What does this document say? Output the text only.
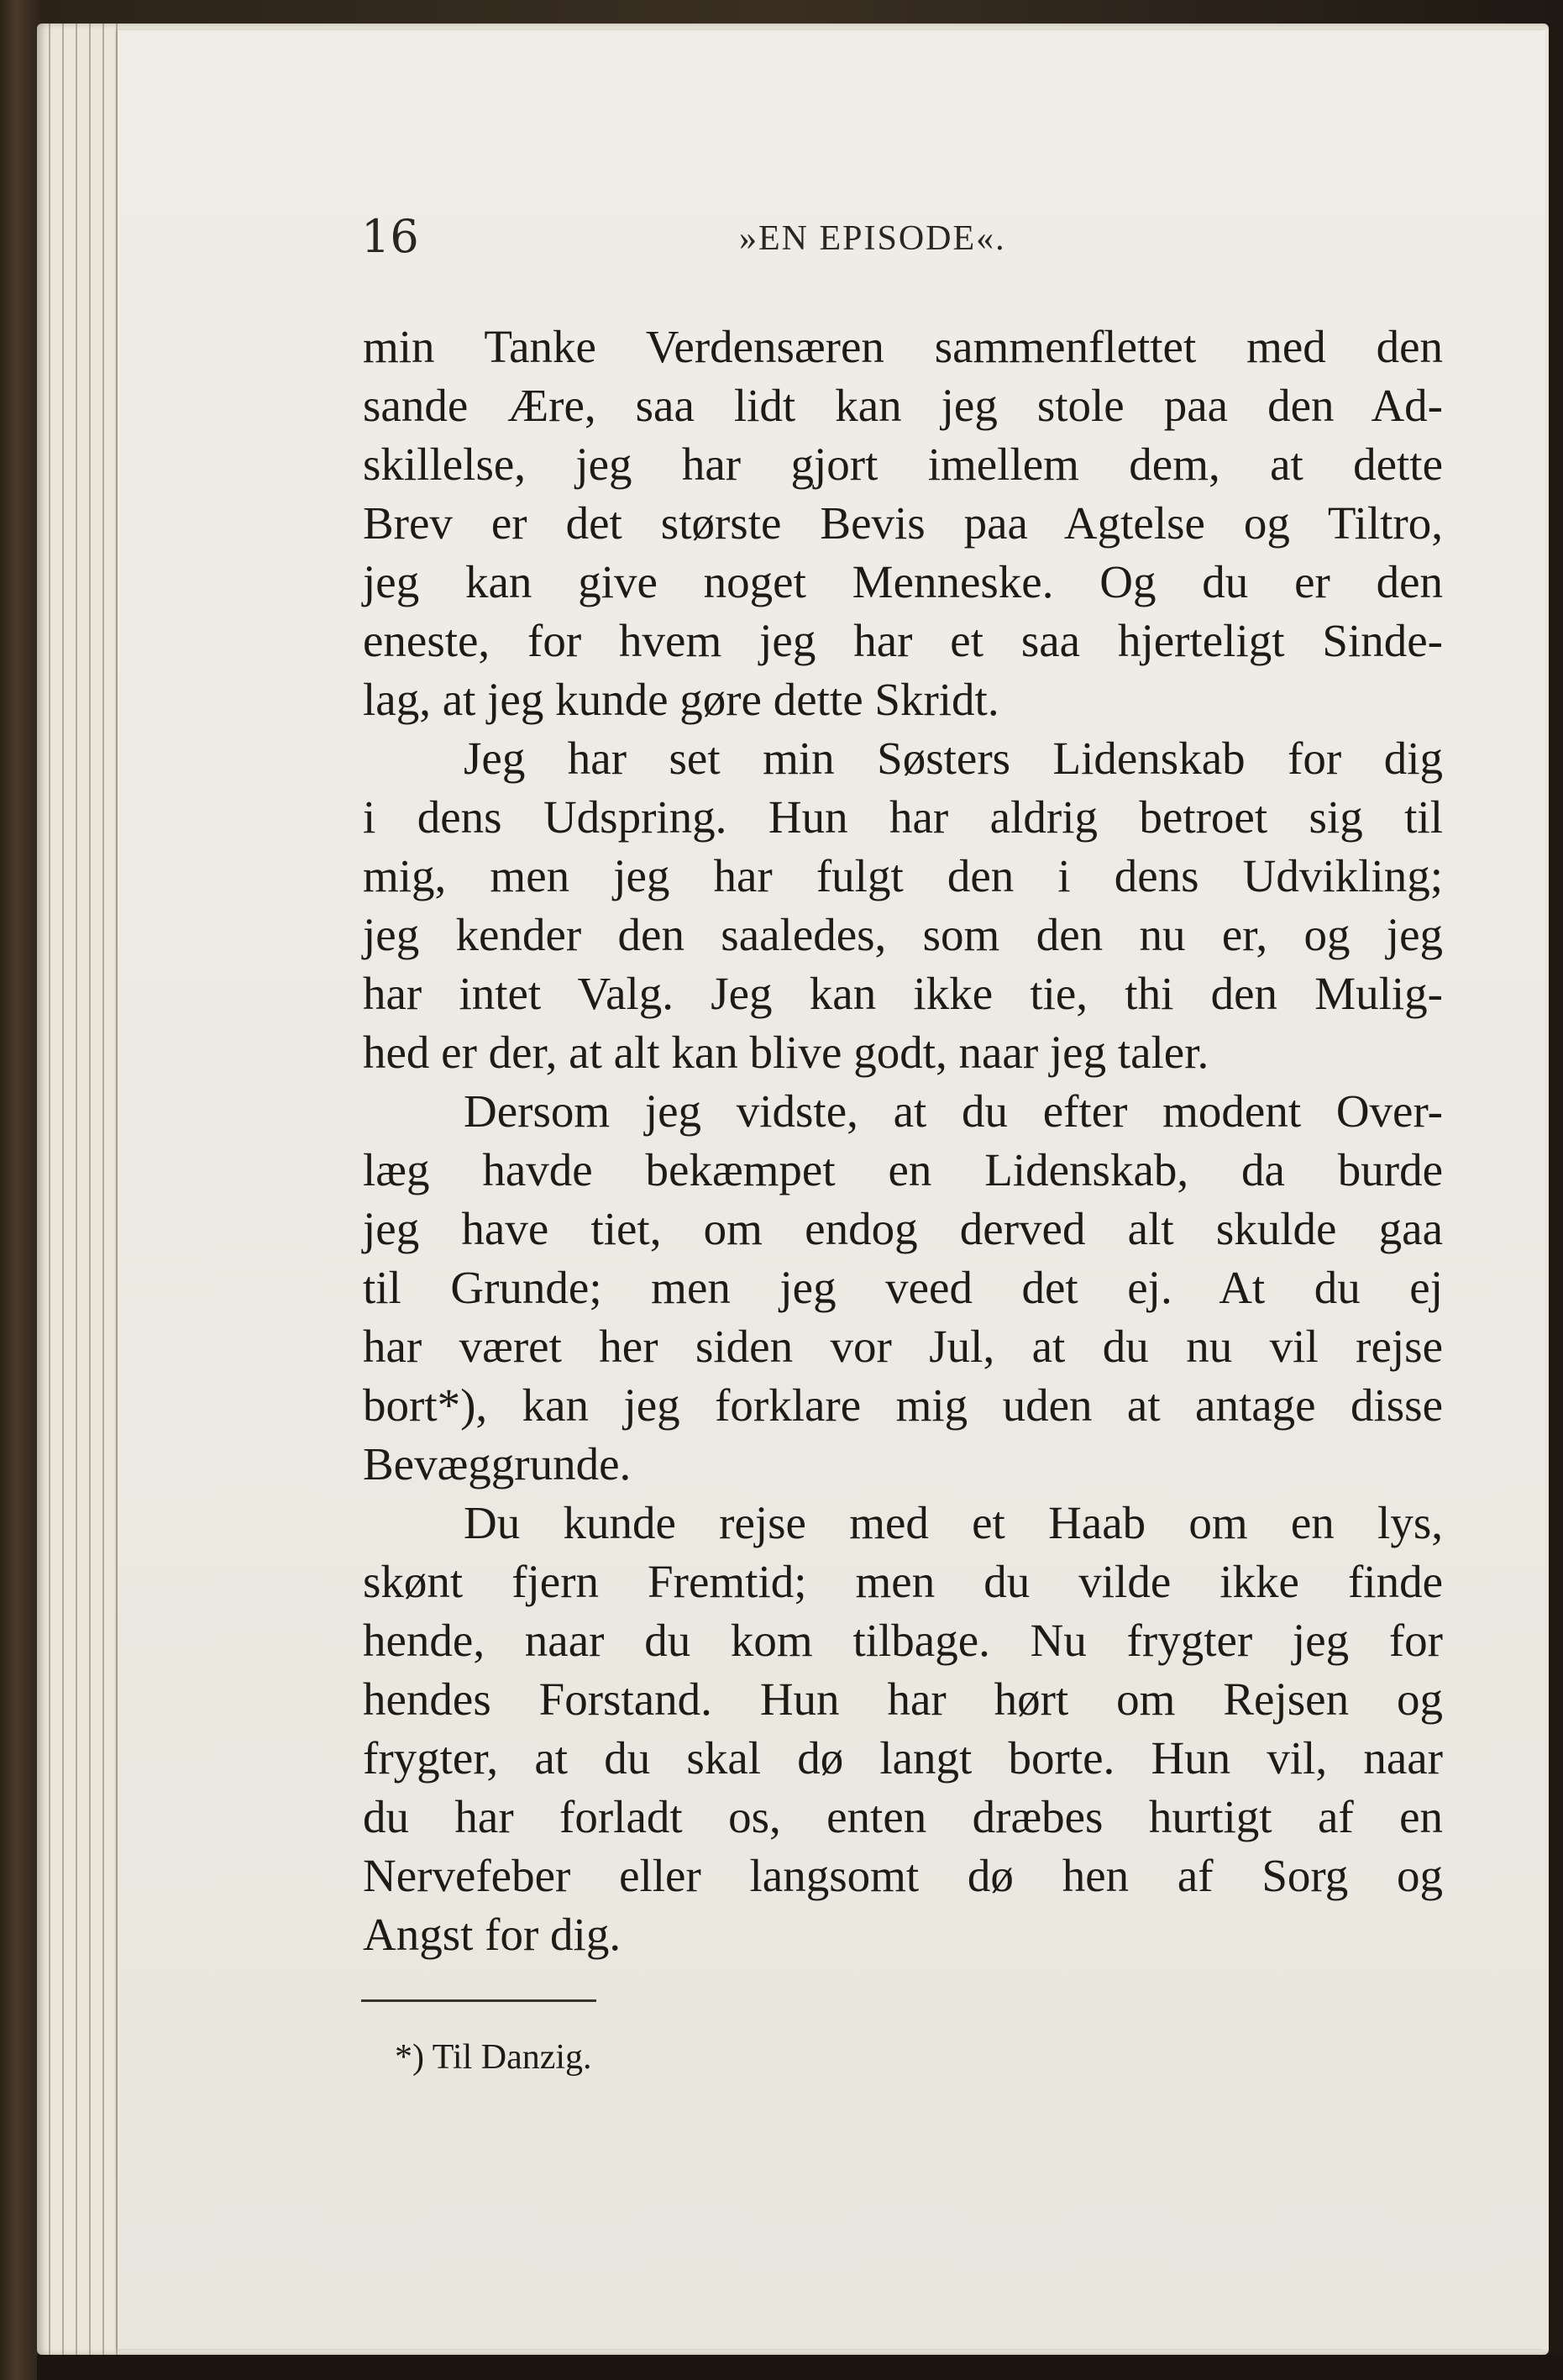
16	»EN EPISODE«.
min Tanke Verdensæren sammenflettet med den
sande Ære, saa lidt kan jeg stole paa den Ad-
skillelse, jeg har gjort imellem dem, at dette
Brev er det største Bevis paa Agtelse og Tiltro,
jeg kan give noget Menneske. Og du er den
eneste, for hvem jeg har et saa hjerteligt Sinde-
lag, at jeg kunde gøre dette Skridt.
Jeg har set min Søsters Lidenskab for dig
i dens Udspring. Hun har aldrig betroet sig til
mig, men jeg har fulgt den i dens Udvikling;
jeg kender den saaledes, som den nu er, og jeg
har intet Valg. Jeg kan ikke tie, thi den Mulig-
hed er der, at alt kan blive godt, naar jeg taler.
Dersom jeg vidste, at du efter modent Over-
læg havde bekæmpet en Lidenskab, da burde
jeg have tiet, om endog derved alt skulde gaa
til Grunde; men jeg veed det ej. At du ej
har været her siden vor Jul, at du nu vil rejse
bort*), kan jeg forklare mig uden at antage disse
Bevæggrunde.
Du kunde rejse med et Haab om en lys,
skønt fjern Fremtid; men du vilde ikke finde
hende, naar du kom tilbage. Nu frygter jeg for
hendes Forstand. Hun har hørt om Rejsen og
frygter, at du skal dø langt borte. Hun vil, naar
du har forladt os, enten dræbes hurtigt af en
Nervefeber eller langsomt dø hen af Sorg og
Angst for dig.
*) Til Danzig.
